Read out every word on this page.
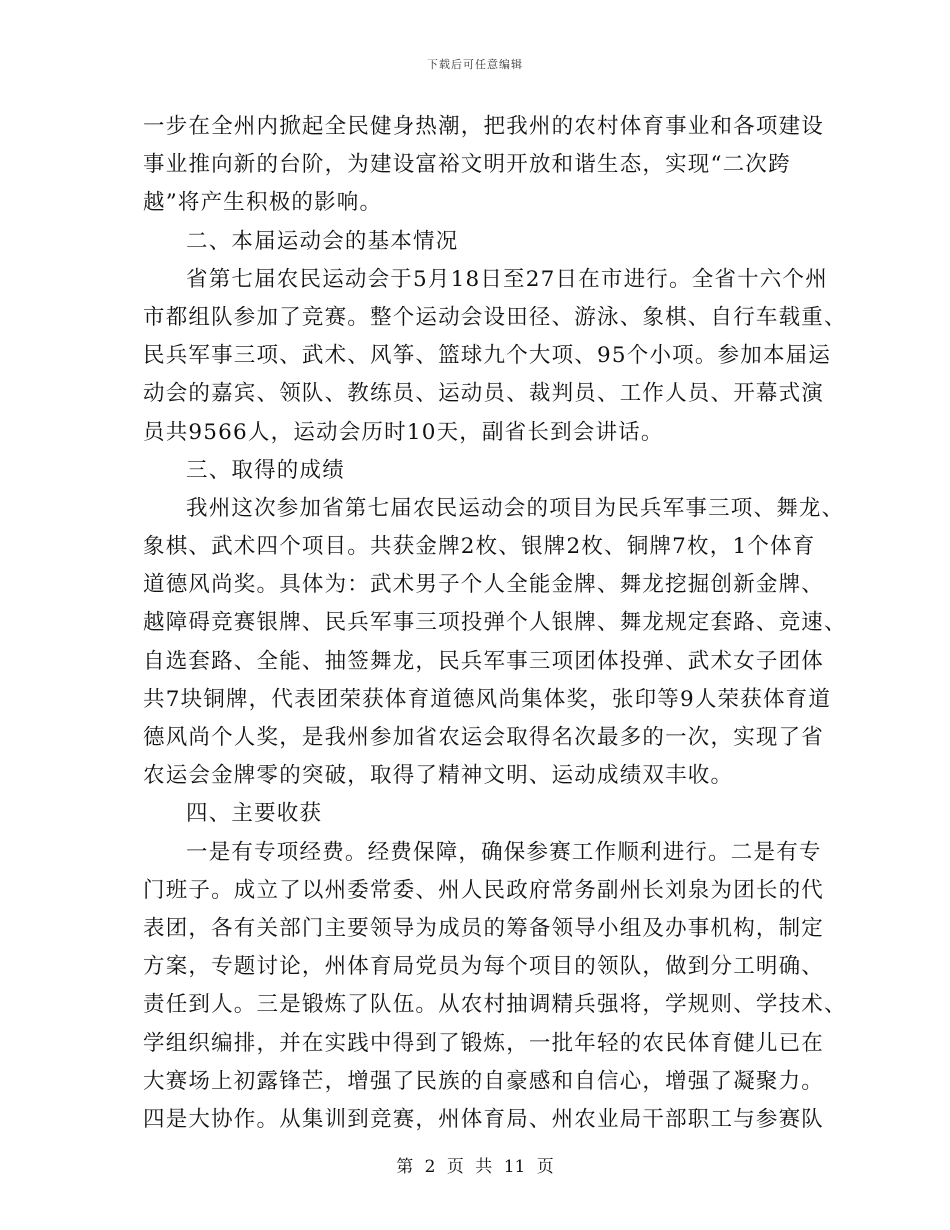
下载后可任意编辑
一步在全州内掀起全民健身热潮，把我州的农村体育事业和各项建设
事业推向新的台阶，为建设富裕文明开放和谐生态，实现“二次跨
越”将产生积极的影响。
二、本届运动会的基本情况
省第七届农民运动会于5月18日至27日在市进行。全省十六个州
市都组队参加了竞赛。整个运动会设田径、游泳、象棋、自行车载重、
民兵军事三项、武术、风筝、篮球九个大项、95个小项。参加本届运
动会的嘉宾、领队、教练员、运动员、裁判员、工作人员、开幕式演
员共9566人，运动会历时10天，副省长到会讲话。
三、取得的成绩
我州这次参加省第七届农民运动会的项目为民兵军事三项、舞龙、
象棋、武术四个项目。共获金牌2枚、银牌2枚、铜牌7枚，1个体育
道德风尚奖。具体为：武术男子个人全能金牌、舞龙挖掘创新金牌、
越障碍竞赛银牌、民兵军事三项投弹个人银牌、舞龙规定套路、竞速、
自选套路、全能、抽签舞龙，民兵军事三项团体投弹、武术女子团体
共7块铜牌，代表团荣获体育道德风尚集体奖，张印等9人荣获体育道
德风尚个人奖，是我州参加省农运会取得名次最多的一次，实现了省
农运会金牌零的突破，取得了精神文明、运动成绩双丰收。
四、主要收获
一是有专项经费。经费保障，确保参赛工作顺利进行。二是有专
门班子。成立了以州委常委、州人民政府常务副州长刘泉为团长的代
表团，各有关部门主要领导为成员的筹备领导小组及办事机构，制定
方案，专题讨论，州体育局党员为每个项目的领队，做到分工明确、
责任到人。三是锻炼了队伍。从农村抽调精兵强将，学规则、学技术、
学组织编排，并在实践中得到了锻炼，一批年轻的农民体育健儿已在
大赛场上初露锋芒，增强了民族的自豪感和自信心，增强了凝聚力。
四是大协作。从集训到竞赛，州体育局、州农业局干部职工与参赛队
第 2 页 共 11 页
